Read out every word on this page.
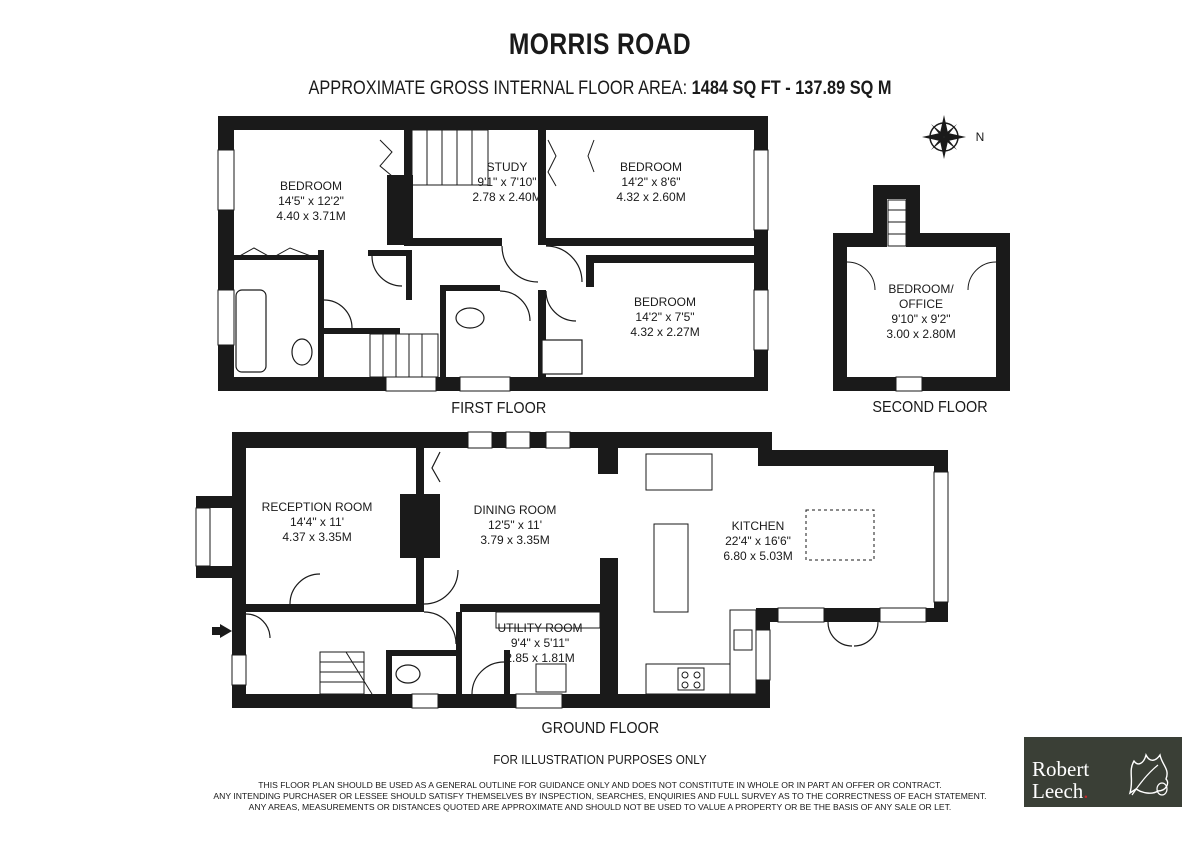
MORRIS ROAD
APPROXIMATE GROSS INTERNAL FLOOR AREA: 1484 SQ FT - 137.89 SQ M
N
BEDROOM
14'5" x 12'2"
4.40 x 3.71M
STUDY
9'1" x 7'10"
2.78 x 2.40M
BEDROOM
14'2" x 8'6"
4.32 x 2.60M
BEDROOM
14'2" x 7'5"
4.32 x 2.27M
BEDROOM/
OFFICE
9'10" x 9'2"
3.00 x 2.80M
RECEPTION ROOM
14'4" x 11'
4.37 x 3.35M
DINING ROOM
12'5" x 11'
3.79 x 3.35M
KITCHEN
22'4" x 16'6"
6.80 x 5.03M
UTILITY ROOM
9'4" x 5'11"
2.85 x 1.81M
FIRST FLOOR	SECOND FLOOR
GROUND FLOOR
FOR ILLUSTRATION PURPOSES ONLY
THIS FLOOR PLAN SHOULD BE USED AS A GENERAL OUTLINE FOR GUIDANCE ONLY AND DOES NOT CONSTITUTE IN WHOLE OR IN PART AN OFFER OR CONTRACT.
ANY INTENDING PURCHASER OR LESSEE SHOULD SATISFY THEMSELVES BY INSPECTION, SEARCHES, ENQUIRIES AND FULL SURVEY AS TO THE CORRECTNESS OF EACH STATEMENT.
ANY AREAS, MEASUREMENTS OR DISTANCES QUOTED ARE APPROXIMATE AND SHOULD NOT BE USED TO VALUE A PROPERTY OR BE THE BASIS OF ANY SALE OR LET.
Robert
Leech.
